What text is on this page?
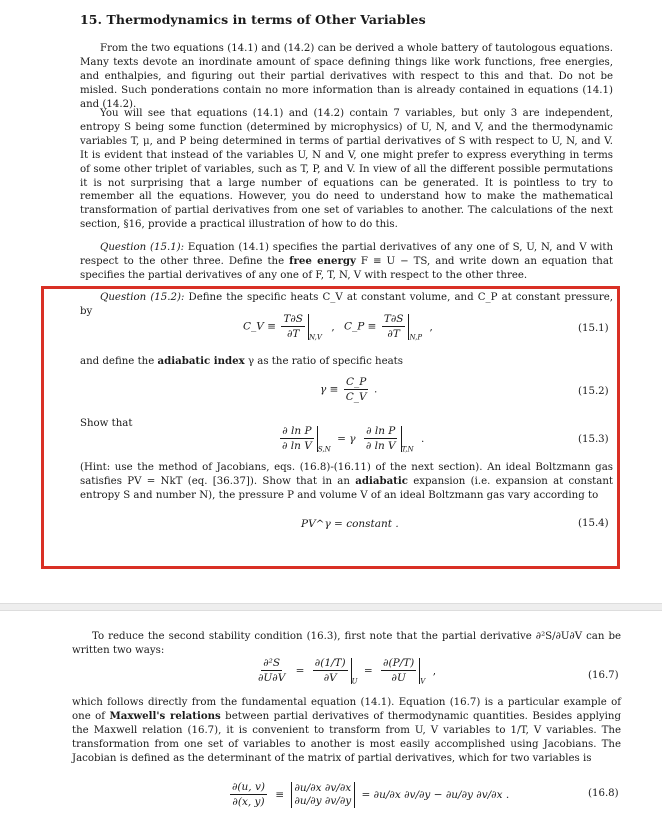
15. Thermodynamics in terms of Other Variables

From the two equations (14.1) and (14.2) can be derived a whole battery of tautologous equations. Many texts devote an inordinate amount of space defining things like work functions, free energies, and enthalpies, and figuring out their partial derivatives with respect to this and that. Do not be misled. Such ponderations contain no more information than is already contained in equations (14.1) and (14.2).

You will see that equations (14.1) and (14.2) contain 7 variables, but only 3 are independent, entropy S being some function (determined by microphysics) of U, N, and V, and the thermodynamic variables T, μ, and P being determined in terms of partial derivatives of S with respect to U, N, and V. It is evident that instead of the variables U, N and V, one might prefer to express everything in terms of some other triplet of variables, such as T, P, and V. In view of all the different possible permutations it is not surprising that a large number of equations can be generated. It is pointless to try to remember all the equations. However, you do need to understand how to make the mathematical transformation of partial derivatives from one set of variables to another. The calculations of the next section, §16, provide a practical illustration of how to do this.

Question (15.1): Equation (14.1) specifies the partial derivatives of any one of S, U, N, and V with respect to the other three. Define the free energy F ≡ U − TS, and write down an equation that specifies the partial derivatives of any one of F, T, N, V with respect to the other three.

Question (15.2): Define the specific heats C_V at constant volume, and C_P at constant pressure, by

C_V ≡ $\frac{T\partial S}{\partial T} _{N,V}$ , C_P ≡ $\frac{T\partial S}{\partial T} _{N,P}$ ,	(15.1)

and define the adiabatic index γ as the ratio of specific heats

$\gamma \equiv \frac{C\_P}{C\_V}$ .	(15.2)

Show that

$\frac{\text{∂ ln P}}{\text{∂ ln V}} _{S,N} = \gamma \frac{\text{∂ ln P}}{\text{∂ ln V}} _{T,N}$ .	(15.3)

(Hint: use the method of Jacobians, eqs. (16.8)-(16.11) of the next section). An ideal Boltzmann gas satisfies PV = NkT (eq. [36.37]). Show that in an adiabatic expansion (i.e. expansion at constant entropy S and number N), the pressure P and volume V of an ideal Boltzmann gas vary according to

PV^γ = constant .	(15.4)

To reduce the second stability condition (16.3), first note that the partial derivative ∂²S/∂U∂V can be written two ways:

$\frac{\text{∂²S}}{\partial U\partial V} = \frac{\partial(1/T)}{\partial V} _U = \frac{\partial(P/T)}{\partial U} _V$ ,	(16.7)

which follows directly from the fundamental equation (14.1). Equation (16.7) is a particular example of one of Maxwell's relations between partial derivatives of thermodynamic quantities. Besides applying the Maxwell relation (16.7), it is convenient to transform from U, V variables to 1/T, V variables. The transformation from one set of variables to another is most easily accomplished using Jacobians. The Jacobian is defined as the determinant of the matrix of partial derivatives, which for two variables is

$\frac{\partial(u, v)}{\partial(x, y)}$ ≡
∂u/∂x ∂v/∂x
∂u/∂y ∂v/∂y = ∂u/∂x ∂v/∂y − ∂u/∂y ∂v/∂x .	(16.8)
